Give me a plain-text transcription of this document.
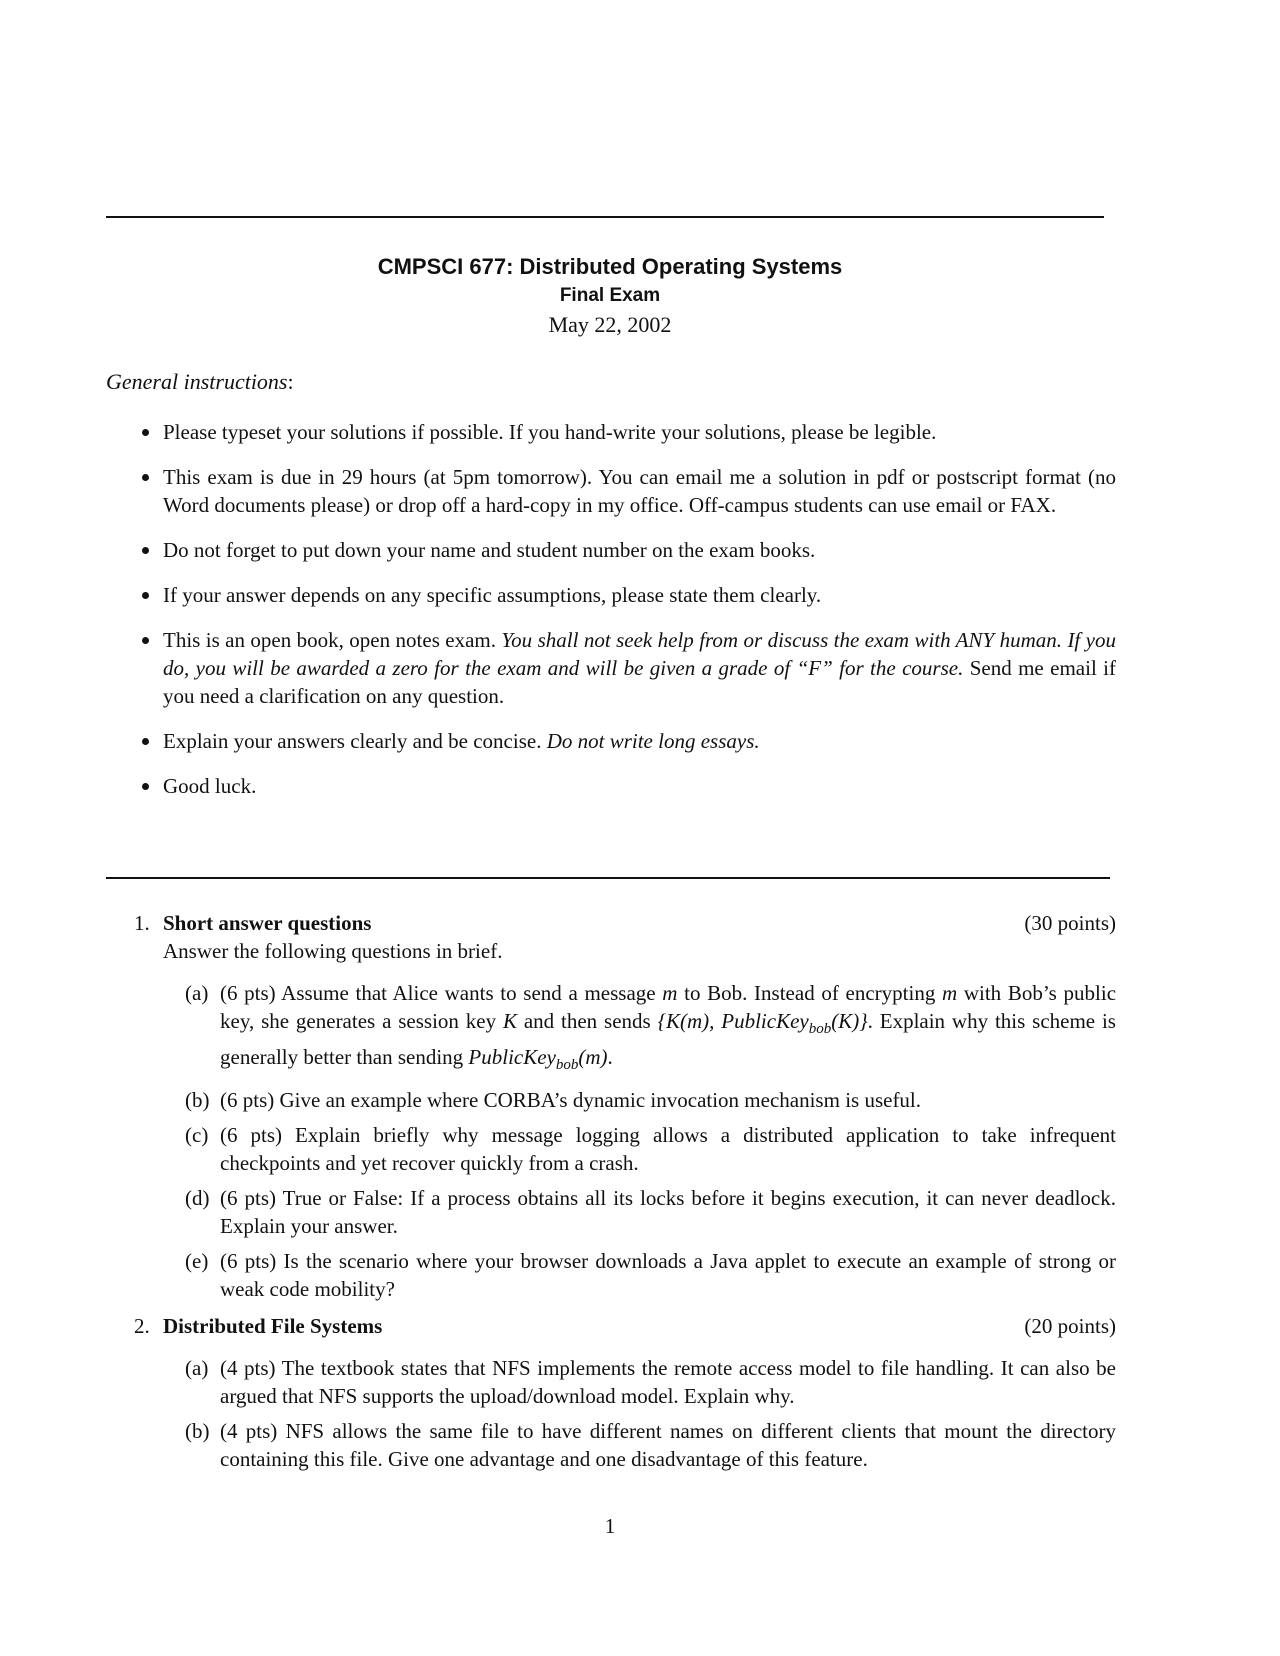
CMPSCI 677: Distributed Operating Systems
Final Exam
May 22, 2002
General instructions:
Please typeset your solutions if possible. If you hand-write your solutions, please be legible.
This exam is due in 29 hours (at 5pm tomorrow). You can email me a solution in pdf or postscript format (no Word documents please) or drop off a hard-copy in my office. Off-campus students can use email or FAX.
Do not forget to put down your name and student number on the exam books.
If your answer depends on any specific assumptions, please state them clearly.
This is an open book, open notes exam. You shall not seek help from or discuss the exam with ANY human. If you do, you will be awarded a zero for the exam and will be given a grade of “F” for the course. Send me email if you need a clarification on any question.
Explain your answers clearly and be concise. Do not write long essays.
Good luck.
1. Short answer questions	(30 points)
Answer the following questions in brief.
(a) (6 pts) Assume that Alice wants to send a message m to Bob. Instead of encrypting m with Bob’s public key, she generates a session key K and then sends {K(m), PublicKey$_{bob}$(K)}. Explain why this scheme is generally better than sending PublicKey$_{bob}$(m).
(b) (6 pts) Give an example where CORBA’s dynamic invocation mechanism is useful.
(c) (6 pts) Explain briefly why message logging allows a distributed application to take infrequent checkpoints and yet recover quickly from a crash.
(d) (6 pts) True or False: If a process obtains all its locks before it begins execution, it can never deadlock. Explain your answer.
(e) (6 pts) Is the scenario where your browser downloads a Java applet to execute an example of strong or weak code mobility?
2. Distributed File Systems	(20 points)
(a) (4 pts) The textbook states that NFS implements the remote access model to file handling. It can also be argued that NFS supports the upload/download model. Explain why.
(b) (4 pts) NFS allows the same file to have different names on different clients that mount the directory containing this file. Give one advantage and one disadvantage of this feature.
1
